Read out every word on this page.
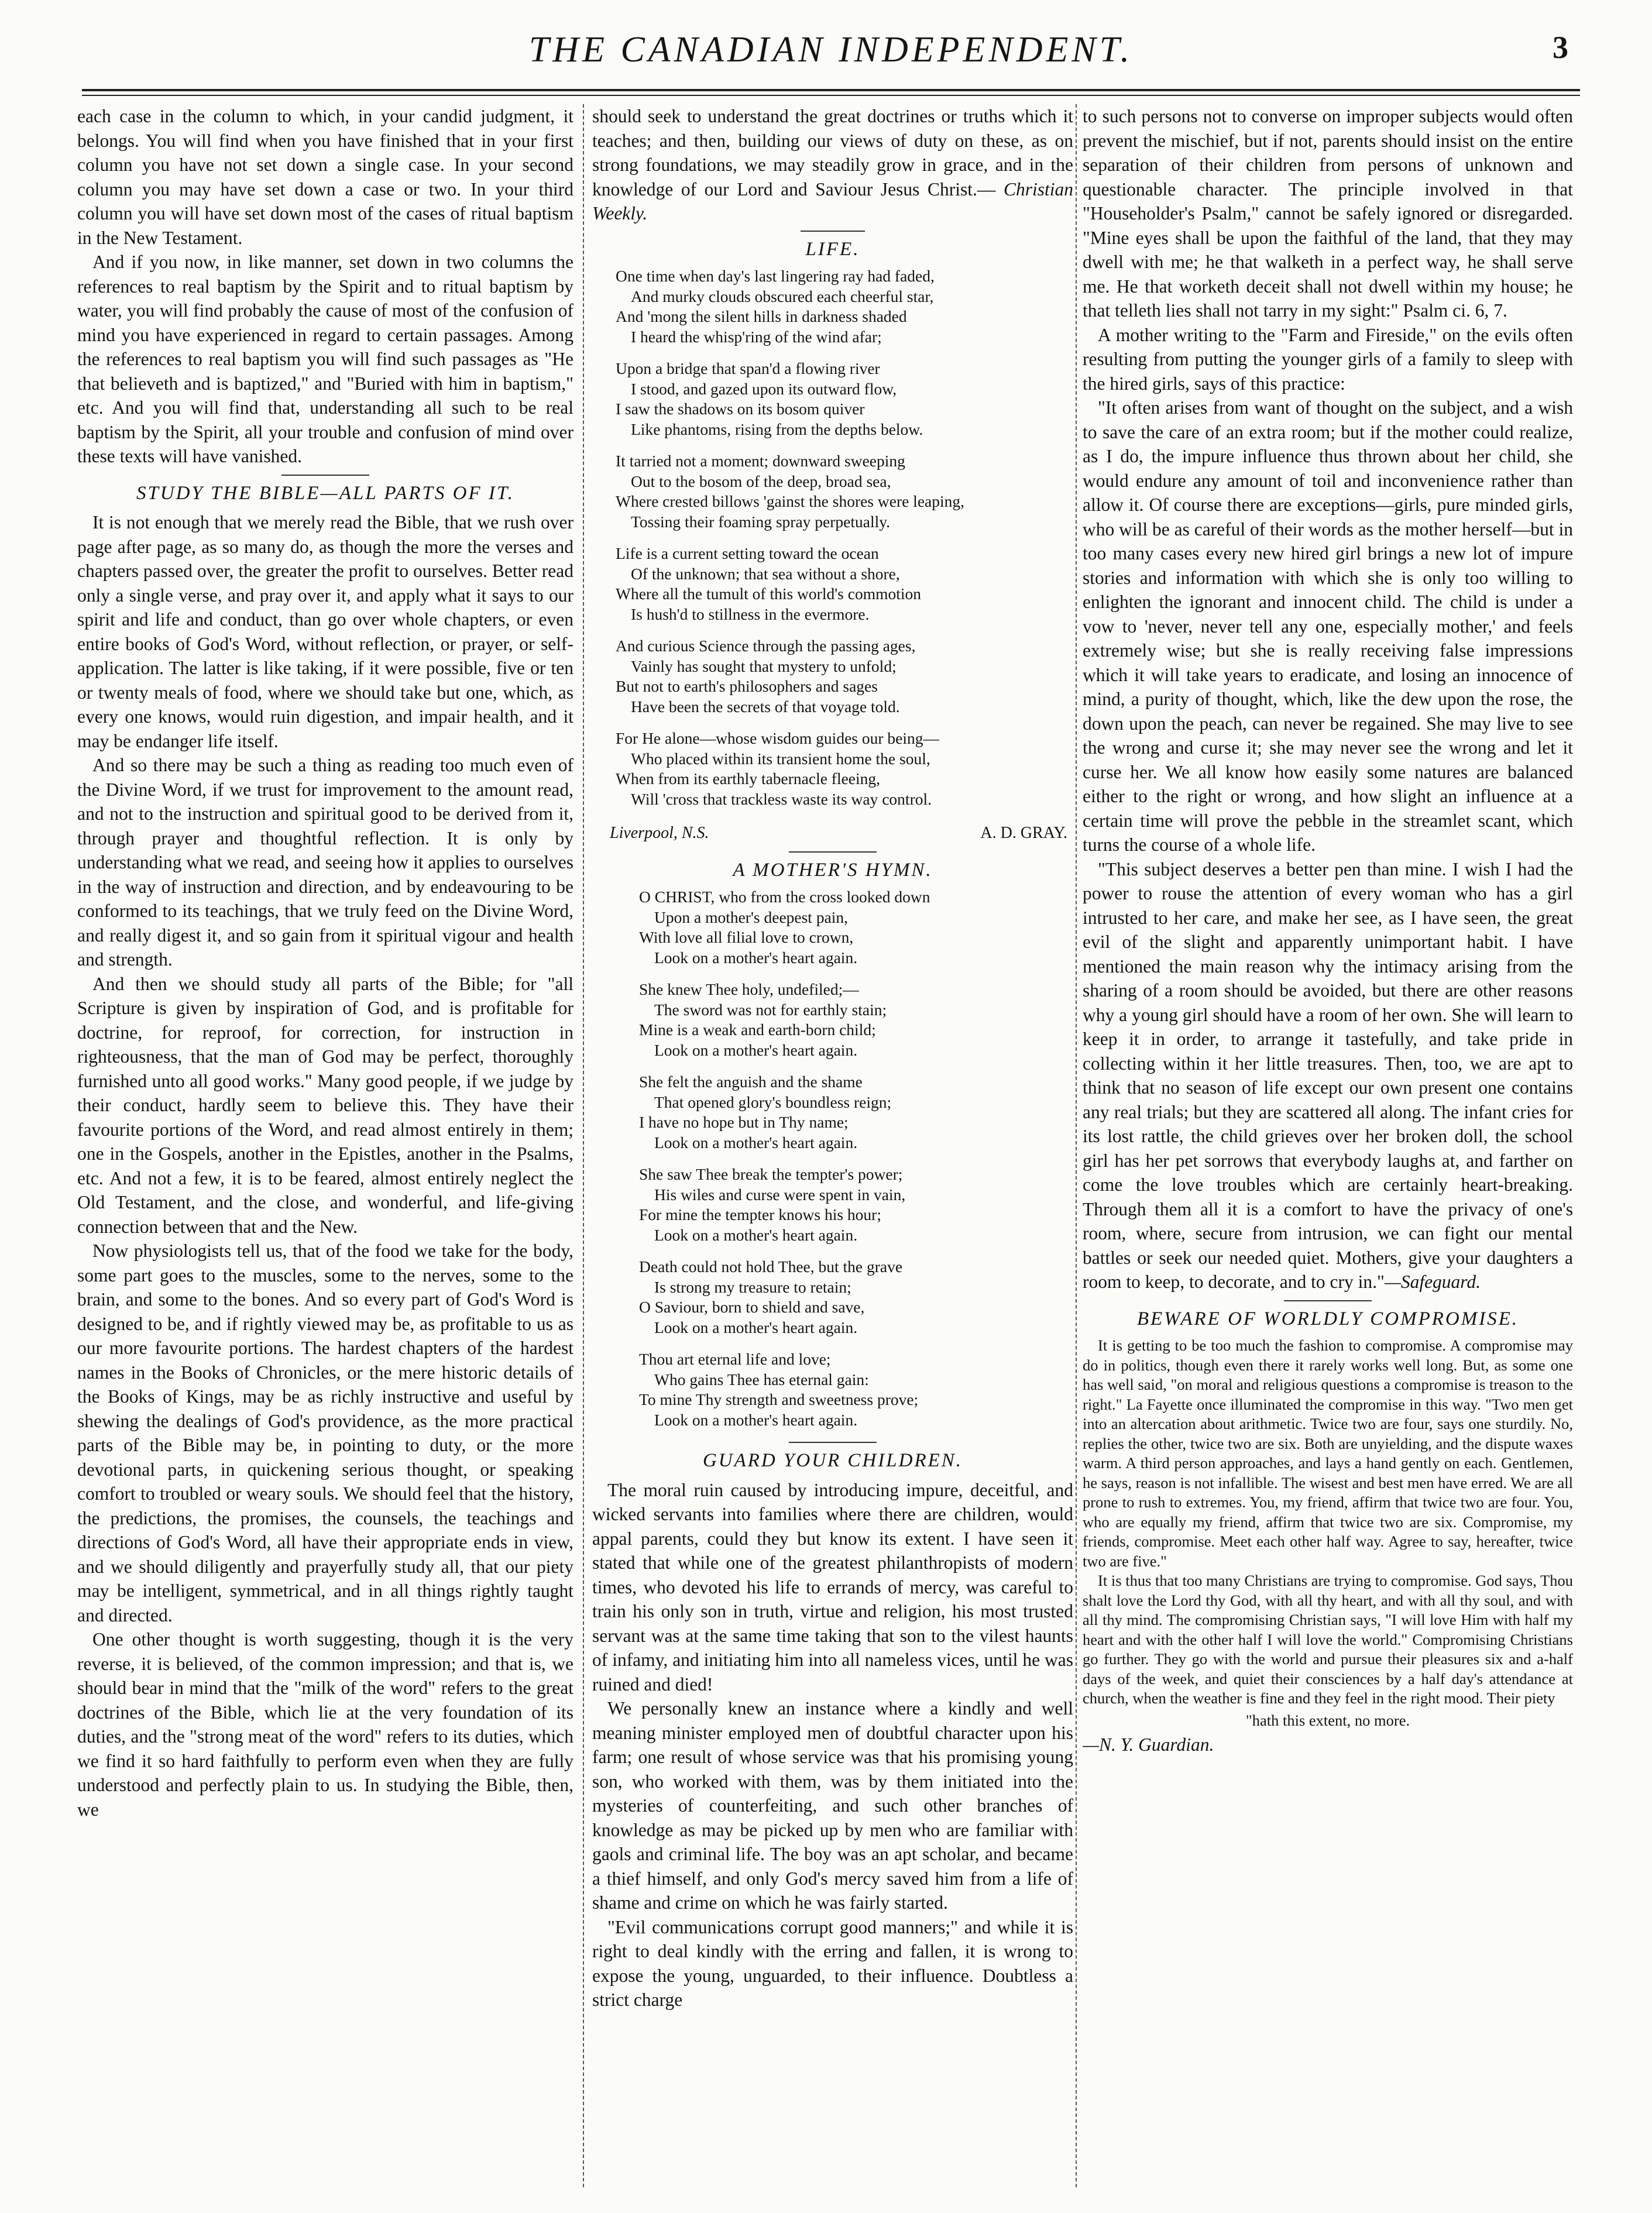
THE CANADIAN INDEPENDENT.	3

each case in the column to which, in your candid judgment, it belongs. You will find when you have finished that in your first column you have not set down a single case. In your second column you may have set down a case or two. In your third column you will have set down most of the cases of ritual baptism in the New Testament.

And if you now, in like manner, set down in two columns the references to real baptism by the Spirit and to ritual baptism by water, you will find probably the cause of most of the confusion of mind you have experienced in regard to certain passages. Among the references to real baptism you will find such passages as "He that believeth and is baptized," and "Buried with him in baptism," etc. And you will find that, understanding all such to be real baptism by the Spirit, all your trouble and confusion of mind over these texts will have vanished.

STUDY THE BIBLE—ALL PARTS OF IT.

It is not enough that we merely read the Bible, that we rush over page after page, as so many do, as though the more the verses and chapters passed over, the greater the profit to ourselves. Better read only a single verse, and pray over it, and apply what it says to our spirit and life and conduct, than go over whole chapters, or even entire books of God's Word, without reflection, or prayer, or self-application. The latter is like taking, if it were possible, five or ten or twenty meals of food, where we should take but one, which, as every one knows, would ruin digestion, and impair health, and it may be endanger life itself.

And so there may be such a thing as reading too much even of the Divine Word, if we trust for improvement to the amount read, and not to the instruction and spiritual good to be derived from it, through prayer and thoughtful reflection. It is only by understanding what we read, and seeing how it applies to ourselves in the way of instruction and direction, and by endeavouring to be conformed to its teachings, that we truly feed on the Divine Word, and really digest it, and so gain from it spiritual vigour and health and strength.

And then we should study all parts of the Bible; for "all Scripture is given by inspiration of God, and is profitable for doctrine, for reproof, for correction, for instruction in righteousness, that the man of God may be perfect, thoroughly furnished unto all good works." Many good people, if we judge by their conduct, hardly seem to believe this. They have their favourite portions of the Word, and read almost entirely in them; one in the Gospels, another in the Epistles, another in the Psalms, etc. And not a few, it is to be feared, almost entirely neglect the Old Testament, and the close, and wonderful, and life-giving connection between that and the New.

Now physiologists tell us, that of the food we take for the body, some part goes to the muscles, some to the nerves, some to the brain, and some to the bones. And so every part of God's Word is designed to be, and if rightly viewed may be, as profitable to us as our more favourite portions. The hardest chapters of the hardest names in the Books of Chronicles, or the mere historic details of the Books of Kings, may be as richly instructive and useful by shewing the dealings of God's providence, as the more practical parts of the Bible may be, in pointing to duty, or the more devotional parts, in quickening serious thought, or speaking comfort to troubled or weary souls. We should feel that the history, the predictions, the promises, the counsels, the teachings and directions of God's Word, all have their appropriate ends in view, and we should diligently and prayerfully study all, that our piety may be intelligent, symmetrical, and in all things rightly taught and directed.

One other thought is worth suggesting, though it is the very reverse, it is believed, of the common impression; and that is, we should bear in mind that the "milk of the word" refers to the great doctrines of the Bible, which lie at the very foundation of its duties, and the "strong meat of the word" refers to its duties, which we find it so hard faithfully to perform even when they are fully understood and perfectly plain to us. In studying the Bible, then, we

should seek to understand the great doctrines or truths which it teaches; and then, building our views of duty on these, as on strong foundations, we may steadily grow in grace, and in the knowledge of our Lord and Saviour Jesus Christ.— Christian Weekly.

LIFE.
One time when day's last lingering ray had faded,
And murky clouds obscured each cheerful star,
And 'mong the silent hills in darkness shaded
I heard the whisp'ring of the wind afar;
Upon a bridge that span'd a flowing river
I stood, and gazed upon its outward flow,
I saw the shadows on its bosom quiver
Like phantoms, rising from the depths below.
It tarried not a moment; downward sweeping
Out to the bosom of the deep, broad sea,
Where crested billows 'gainst the shores were leaping,
Tossing their foaming spray perpetually.
Life is a current setting toward the ocean
Of the unknown; that sea without a shore,
Where all the tumult of this world's commotion
Is hush'd to stillness in the evermore.
And curious Science through the passing ages,
Vainly has sought that mystery to unfold;
But not to earth's philosophers and sages
Have been the secrets of that voyage told.
For He alone—whose wisdom guides our being—
Who placed within its transient home the soul,
When from its earthly tabernacle fleeing,
Will 'cross that trackless waste its way control.
Liverpool, N.S.	A. D. GRAY.
A MOTHER'S HYMN.
O CHRIST, who from the cross looked down
Upon a mother's deepest pain,
With love all filial love to crown,
Look on a mother's heart again.
She knew Thee holy, undefiled;—
The sword was not for earthly stain;
Mine is a weak and earth-born child;
Look on a mother's heart again.
She felt the anguish and the shame
That opened glory's boundless reign;
I have no hope but in Thy name;
Look on a mother's heart again.
She saw Thee break the tempter's power;
His wiles and curse were spent in vain,
For mine the tempter knows his hour;
Look on a mother's heart again.
Death could not hold Thee, but the grave
Is strong my treasure to retain;
O Saviour, born to shield and save,
Look on a mother's heart again.
Thou art eternal life and love;
Who gains Thee has eternal gain:
To mine Thy strength and sweetness prove;
Look on a mother's heart again.
GUARD YOUR CHILDREN.

The moral ruin caused by introducing impure, deceitful, and wicked servants into families where there are children, would appal parents, could they but know its extent. I have seen it stated that while one of the greatest philanthropists of modern times, who devoted his life to errands of mercy, was careful to train his only son in truth, virtue and religion, his most trusted servant was at the same time taking that son to the vilest haunts of infamy, and initiating him into all nameless vices, until he was ruined and died!

We personally knew an instance where a kindly and well meaning minister employed men of doubtful character upon his farm; one result of whose service was that his promising young son, who worked with them, was by them initiated into the mysteries of counterfeiting, and such other branches of knowledge as may be picked up by men who are familiar with gaols and criminal life. The boy was an apt scholar, and became a thief himself, and only God's mercy saved him from a life of shame and crime on which he was fairly started.

"Evil communications corrupt good manners;" and while it is right to deal kindly with the erring and fallen, it is wrong to expose the young, unguarded, to their influence. Doubtless a strict charge

to such persons not to converse on improper subjects would often prevent the mischief, but if not, parents should insist on the entire separation of their children from persons of unknown and questionable character. The principle involved in that "Householder's Psalm," cannot be safely ignored or disregarded. "Mine eyes shall be upon the faithful of the land, that they may dwell with me; he that walketh in a perfect way, he shall serve me. He that worketh deceit shall not dwell within my house; he that telleth lies shall not tarry in my sight:" Psalm ci. 6, 7.

A mother writing to the "Farm and Fireside," on the evils often resulting from putting the younger girls of a family to sleep with the hired girls, says of this practice:

"It often arises from want of thought on the subject, and a wish to save the care of an extra room; but if the mother could realize, as I do, the impure influence thus thrown about her child, she would endure any amount of toil and inconvenience rather than allow it. Of course there are exceptions—girls, pure minded girls, who will be as careful of their words as the mother herself—but in too many cases every new hired girl brings a new lot of impure stories and information with which she is only too willing to enlighten the ignorant and innocent child. The child is under a vow to 'never, never tell any one, especially mother,' and feels extremely wise; but she is really receiving false impressions which it will take years to eradicate, and losing an innocence of mind, a purity of thought, which, like the dew upon the rose, the down upon the peach, can never be regained. She may live to see the wrong and curse it; she may never see the wrong and let it curse her. We all know how easily some natures are balanced either to the right or wrong, and how slight an influence at a certain time will prove the pebble in the streamlet scant, which turns the course of a whole life.

"This subject deserves a better pen than mine. I wish I had the power to rouse the attention of every woman who has a girl intrusted to her care, and make her see, as I have seen, the great evil of the slight and apparently unimportant habit. I have mentioned the main reason why the intimacy arising from the sharing of a room should be avoided, but there are other reasons why a young girl should have a room of her own. She will learn to keep it in order, to arrange it tastefully, and take pride in collecting within it her little treasures. Then, too, we are apt to think that no season of life except our own present one contains any real trials; but they are scattered all along. The infant cries for its lost rattle, the child grieves over her broken doll, the school girl has her pet sorrows that everybody laughs at, and farther on come the love troubles which are certainly heart-breaking. Through them all it is a comfort to have the privacy of one's room, where, secure from intrusion, we can fight our mental battles or seek our needed quiet. Mothers, give your daughters a room to keep, to decorate, and to cry in."—Safeguard.

BEWARE OF WORLDLY COMPROMISE.

It is getting to be too much the fashion to compromise. A compromise may do in politics, though even there it rarely works well long. But, as some one has well said, "on moral and religious questions a compromise is treason to the right." La Fayette once illuminated the compromise in this way. "Two men get into an altercation about arithmetic. Twice two are four, says one sturdily. No, replies the other, twice two are six. Both are unyielding, and the dispute waxes warm. A third person approaches, and lays a hand gently on each. Gentlemen, he says, reason is not infallible. The wisest and best men have erred. We are all prone to rush to extremes. You, my friend, affirm that twice two are four. You, who are equally my friend, affirm that twice two are six. Compromise, my friends, compromise. Meet each other half way. Agree to say, hereafter, twice two are five."

It is thus that too many Christians are trying to compromise. God says, Thou shalt love the Lord thy God, with all thy heart, and with all thy soul, and with all thy mind. The compromising Christian says, "I will love Him with half my heart and with the other half I will love the world." Compromising Christians go further. They go with the world and pursue their pleasures six and a-half days of the week, and quiet their consciences by a half day's attendance at church, when the weather is fine and they feel in the right mood. Their piety

"hath this extent, no more.
—N. Y. Guardian.
